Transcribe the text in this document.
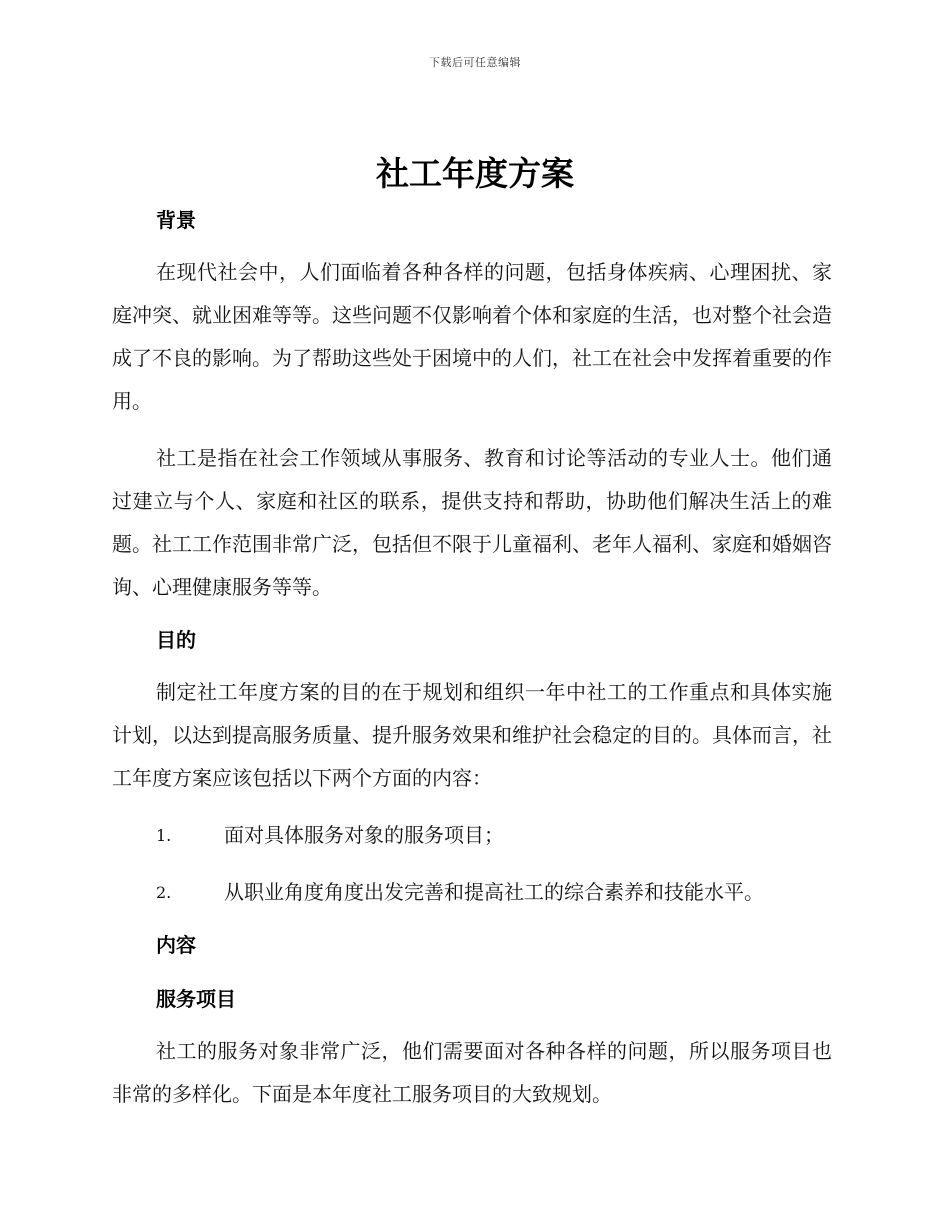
下载后可任意编辑
社工年度方案
背景

在现代社会中，人们面临着各种各样的问题，包括身体疾病、心理困扰、家庭冲突、就业困难等等。这些问题不仅影响着个体和家庭的生活，也对整个社会造成了不良的影响。为了帮助这些处于困境中的人们，社工在社会中发挥着重要的作用。

社工是指在社会工作领域从事服务、教育和讨论等活动的专业人士。他们通过建立与个人、家庭和社区的联系，提供支持和帮助，协助他们解决生活上的难题。社工工作范围非常广泛，包括但不限于儿童福利、老年人福利、家庭和婚姻咨询、心理健康服务等等。

目的

制定社工年度方案的目的在于规划和组织一年中社工的工作重点和具体实施计划，以达到提高服务质量、提升服务效果和维护社会稳定的目的。具体而言，社工年度方案应该包括以下两个方面的内容：

1.	面对具体服务对象的服务项目；
2.	从职业角度角度出发完善和提高社工的综合素养和技能水平。
内容
服务项目

社工的服务对象非常广泛，他们需要面对各种各样的问题，所以服务项目也非常的多样化。下面是本年度社工服务项目的大致规划。
